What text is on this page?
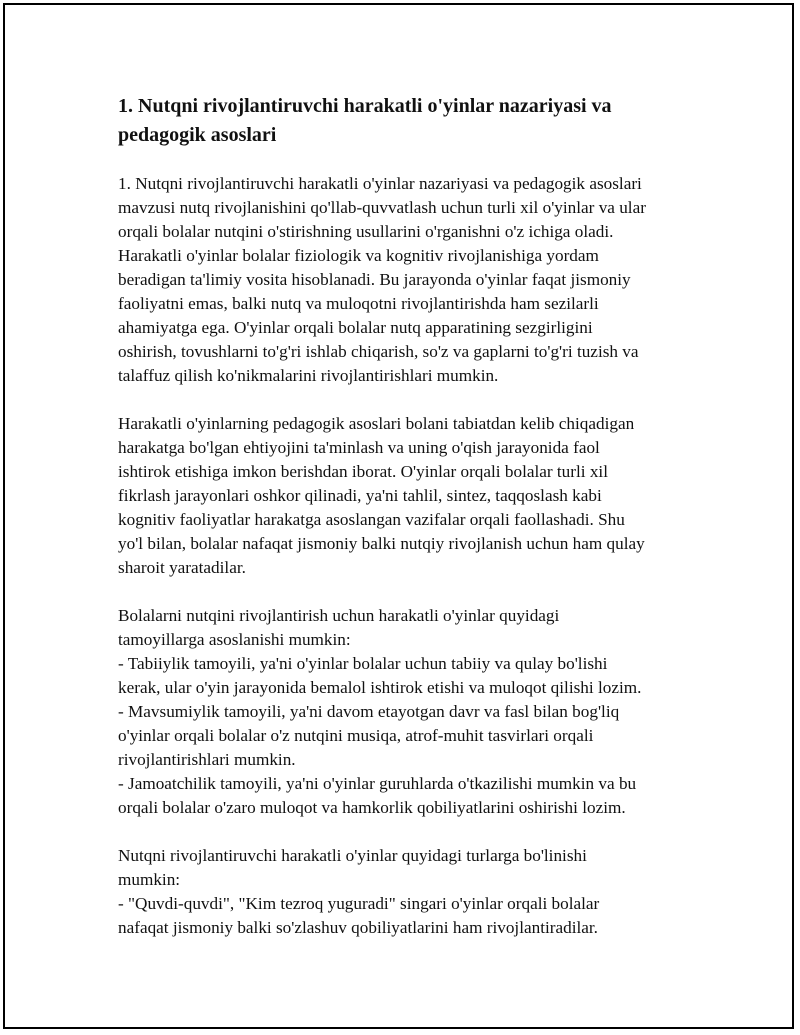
1. Nutqni rivojlantiruvchi harakatli o'yinlar nazariyasi va
pedagogik asoslari

1. Nutqni rivojlantiruvchi harakatli o'yinlar nazariyasi va pedagogik asoslari
mavzusi nutq rivojlanishini qo'llab-quvvatlash uchun turli xil o'yinlar va ular
orqali bolalar nutqini o'stirishning usullarini o'rganishni o'z ichiga oladi.
Harakatli o'yinlar bolalar fiziologik va kognitiv rivojlanishiga yordam
beradigan ta'limiy vosita hisoblanadi. Bu jarayonda o'yinlar faqat jismoniy
faoliyatni emas, balki nutq va muloqotni rivojlantirishda ham sezilarli
ahamiyatga ega. O'yinlar orqali bolalar nutq apparatining sezgirligini
oshirish, tovushlarni to'g'ri ishlab chiqarish, so'z va gaplarni to'g'ri tuzish va
talaffuz qilish ko'nikmalarini rivojlantirishlari mumkin.

Harakatli o'yinlarning pedagogik asoslari bolani tabiatdan kelib chiqadigan
harakatga bo'lgan ehtiyojini ta'minlash va uning o'qish jarayonida faol
ishtirok etishiga imkon berishdan iborat. O'yinlar orqali bolalar turli xil
fikrlash jarayonlari oshkor qilinadi, ya'ni tahlil, sintez, taqqoslash kabi
kognitiv faoliyatlar harakatga asoslangan vazifalar orqali faollashadi. Shu
yo'l bilan, bolalar nafaqat jismoniy balki nutqiy rivojlanish uchun ham qulay
sharoit yaratadilar.

Bolalarni nutqini rivojlantirish uchun harakatli o'yinlar quyidagi
tamoyillarga asoslanishi mumkin:
- Tabiiylik tamoyili, ya'ni o'yinlar bolalar uchun tabiiy va qulay bo'lishi
kerak, ular o'yin jarayonida bemalol ishtirok etishi va muloqot qilishi lozim.
- Mavsumiylik tamoyili, ya'ni davom etayotgan davr va fasl bilan bog'liq
o'yinlar orqali bolalar o'z nutqini musiqa, atrof-muhit tasvirlari orqali
rivojlantirishlari mumkin.
- Jamoatchilik tamoyili, ya'ni o'yinlar guruhlarda o'tkazilishi mumkin va bu
orqali bolalar o'zaro muloqot va hamkorlik qobiliyatlarini oshirishi lozim.

Nutqni rivojlantiruvchi harakatli o'yinlar quyidagi turlarga bo'linishi
mumkin:
- "Quvdi-quvdi", "Kim tezroq yuguradi" singari o'yinlar orqali bolalar
nafaqat jismoniy balki so'zlashuv qobiliyatlarini ham rivojlantiradilar.
